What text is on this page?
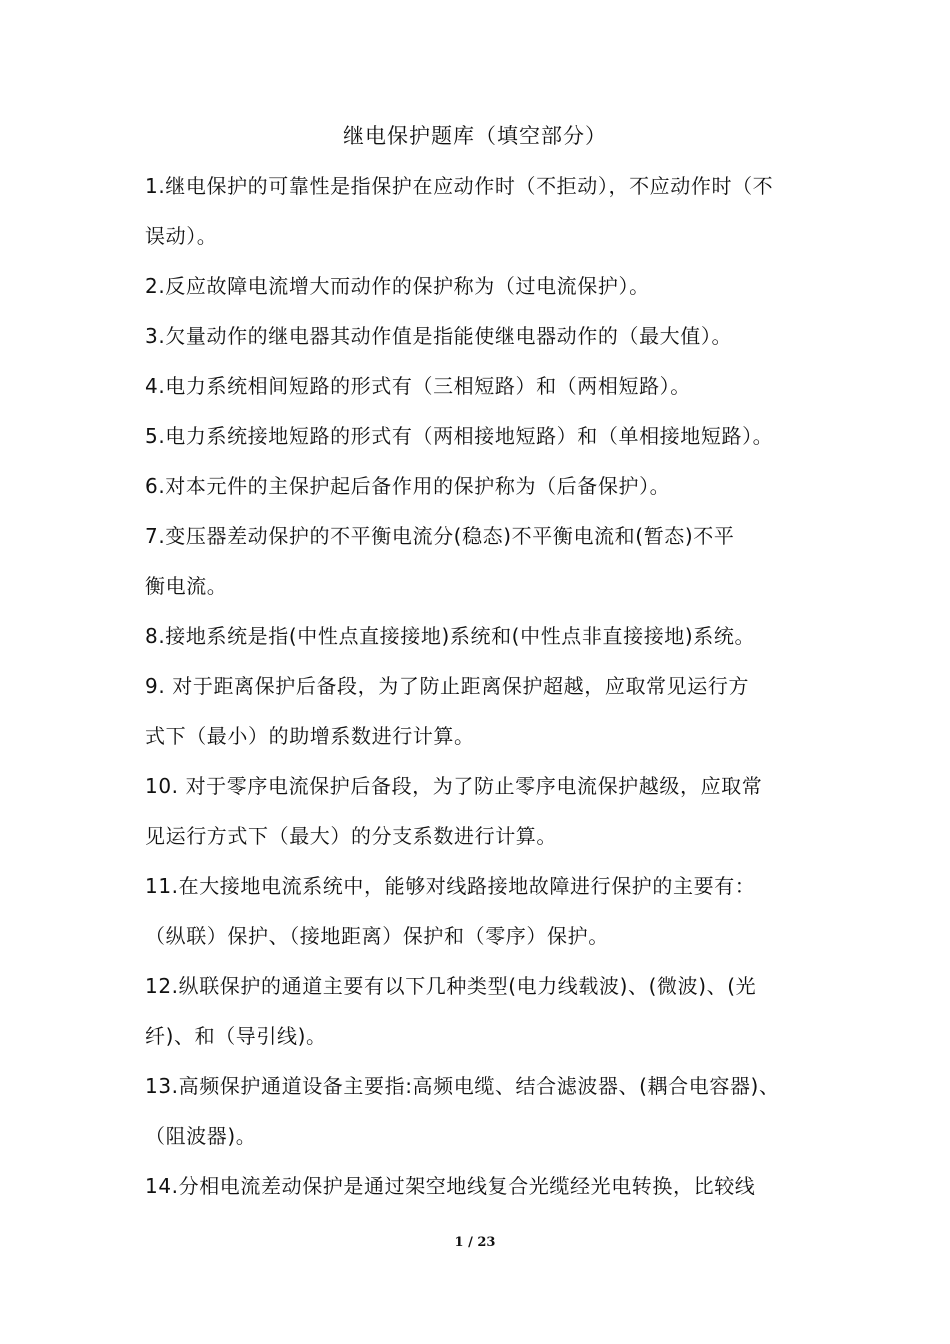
继电保护题库（填空部分）
1.继电保护的可靠性是指保护在应动作时（不拒动），不应动作时（不
误动）。
2.反应故障电流增大而动作的保护称为（过电流保护）。
3.欠量动作的继电器其动作值是指能使继电器动作的（最大值）。
4.电力系统相间短路的形式有（三相短路）和（两相短路）。
5.电力系统接地短路的形式有（两相接地短路）和（单相接地短路）。
6.对本元件的主保护起后备作用的保护称为（后备保护）。
7.变压器差动保护的不平衡电流分(稳态)不平衡电流和(暂态)不平
衡电流。
8.接地系统是指(中性点直接接地)系统和(中性点非直接接地)系统。
9. 对于距离保护后备段，为了防止距离保护超越，应取常见运行方
式下（最小）的助增系数进行计算。
10. 对于零序电流保护后备段，为了防止零序电流保护越级，应取常
见运行方式下（最大）的分支系数进行计算。
11.在大接地电流系统中，能够对线路接地故障进行保护的主要有：
（纵联）保护、（接地距离）保护和（零序）保护。
12.纵联保护的通道主要有以下几种类型(电力线载波)、(微波)、(光
纤)、和（导引线)。
13.高频保护通道设备主要指:高频电缆、结合滤波器、(耦合电容器)、
（阻波器)。
14.分相电流差动保护是通过架空地线复合光缆经光电转换，比较线
1 / 23
